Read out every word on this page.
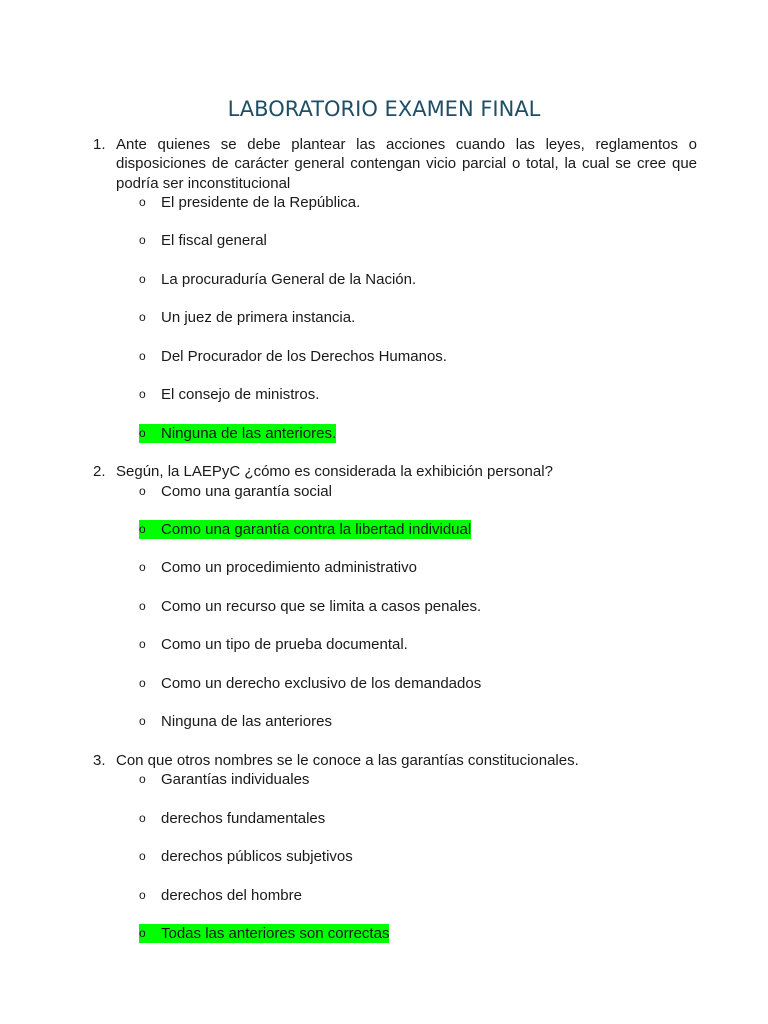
LABORATORIO EXAMEN FINAL
1. Ante quienes se debe plantear las acciones cuando las leyes, reglamentos o disposiciones de carácter general contengan vicio parcial o total, la cual se cree que podría ser inconstitucional
o El presidente de la República.
o El fiscal general
o La procuraduría General de la Nación.
o Un juez de primera instancia.
o Del Procurador de los Derechos Humanos.
o El consejo de ministros.
o Ninguna de las anteriores.
2. Según, la LAEPyC ¿cómo es considerada la exhibición personal?
o Como una garantía social
o Como una garantía contra la libertad individual
o Como un procedimiento administrativo
o Como un recurso que se limita a casos penales.
o Como un tipo de prueba documental.
o Como un derecho exclusivo de los demandados
o Ninguna de las anteriores
3. Con que otros nombres se le conoce a las garantías constitucionales.
o Garantías individuales
o derechos fundamentales
o derechos públicos subjetivos
o derechos del hombre
o Todas las anteriores son correctas
